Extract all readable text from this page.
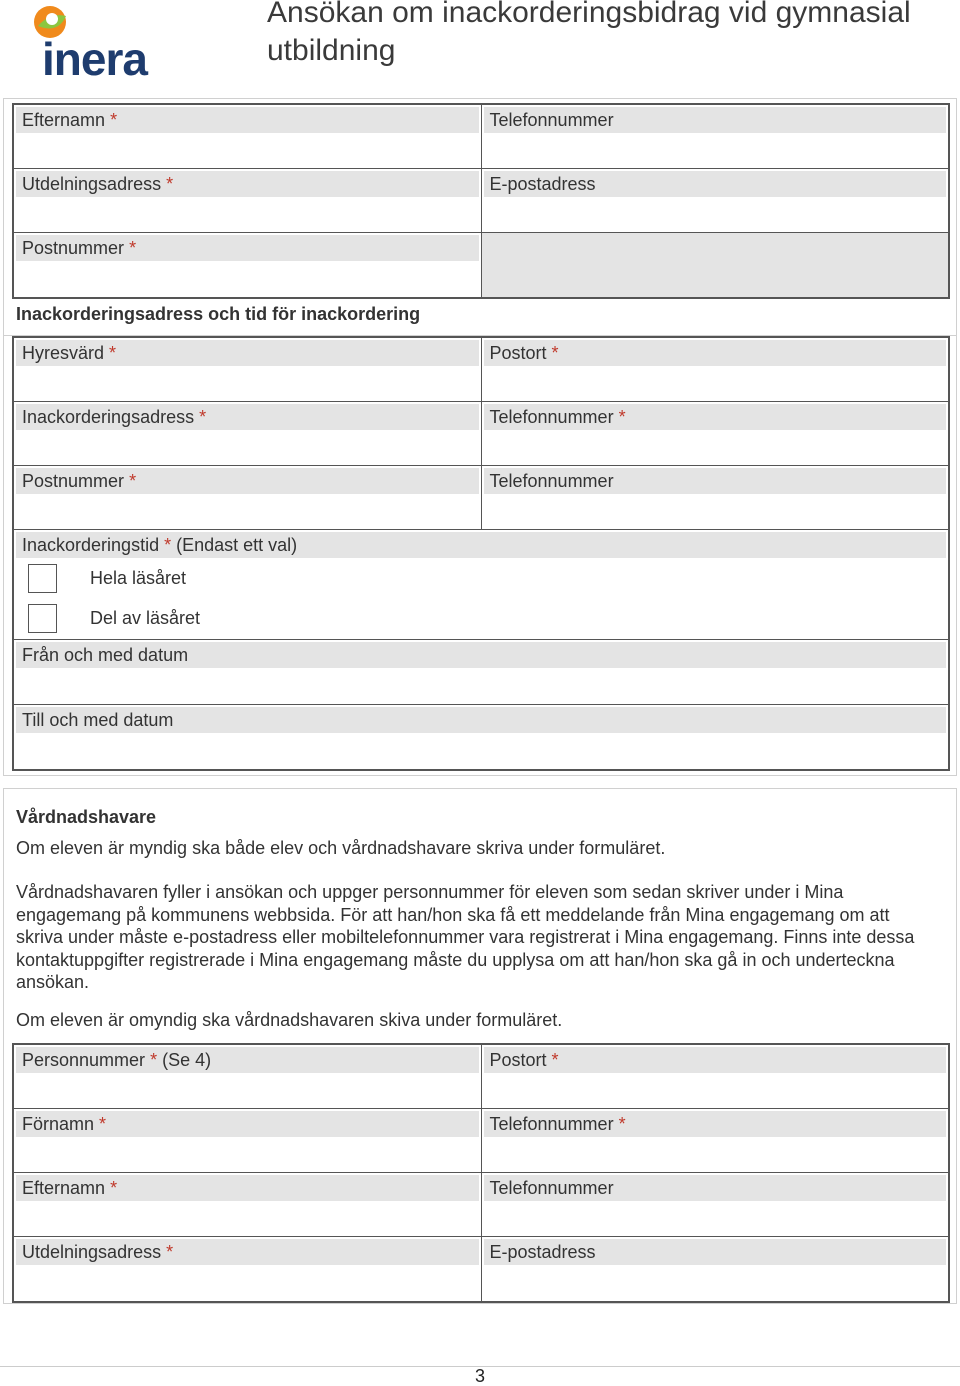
inera
Ansökan om inackorderingsbidrag vid gymnasial utbildning
Efternamn *	Telefonnummer
Utdelningsadress *	E-postadress
Postnummer *
Inackorderingsadress och tid för inackordering
Hyresvärd *	Postort *
Inackorderingsadress *	Telefonnummer *
Postnummer *	Telefonnummer
Inackorderingstid * (Endast ett val)
Hela läsåret
Del av läsåret
Från och med datum
Till och med datum
Vårdnadshavare
Om eleven är myndig ska både elev och vårdnadshavare skriva under formuläret.
Vårdnadshavaren fyller i ansökan och uppger personnummer för eleven som sedan skriver under i Mina engagemang på kommunens webbsida. För att han/hon ska få ett meddelande från Mina engagemang om att skriva under måste e-postadress eller mobiltelefonnummer vara registrerat i Mina engagemang. Finns inte dessa kontaktuppgifter registrerade i Mina engagemang måste du upplysa om att han/hon ska gå in och underteckna ansökan.
Om eleven är omyndig ska vårdnadshavaren skiva under formuläret.
Personnummer * (Se 4)	Postort *
Förnamn *	Telefonnummer *
Efternamn *	Telefonnummer
Utdelningsadress *	E-postadress
3
